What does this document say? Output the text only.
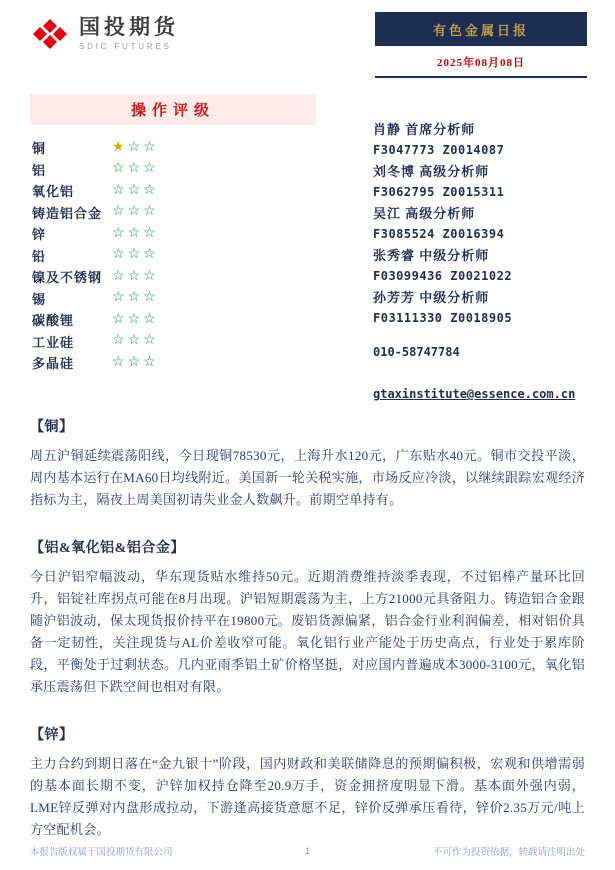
国投期货
SDIC FUTURES
有色金属日报
2025年08月08日
操作评级
铜	★☆☆
铝	☆☆☆
氧化铝	☆☆☆
铸造铝合金 ☆☆☆
锌	☆☆☆
铅	☆☆☆
镍及不锈钢 ☆☆☆
锡	☆☆☆
碳酸锂	☆☆☆
工业硅	☆☆☆
多晶硅	☆☆☆
肖静 首席分析师
F3047773 Z0014087
刘冬博 高级分析师
F3062795 Z0015311
吴江 高级分析师
F3085524 Z0016394
张秀睿 中级分析师
F03099436 Z0021022
孙芳芳 中级分析师
F03111330 Z0018905
010-58747784

gtaxinstitute@essence.com.cn
【铜】
周五沪铜延续震荡阳线，今日现铜78530元，上海升水120元，广东贴水40元。铜市交投平淡，周内基本运行在MA60日均线附近。美国新一轮关税实施，市场反应冷淡，以继续跟踪宏观经济指标为主，隔夜上周美国初请失业金人数飙升。前期空单持有。
【铝&氧化铝&铝合金】
今日沪铝窄幅波动，华东现货贴水维持50元。近期消费维持淡季表现，不过铝棒产量环比回升，铝锭社库拐点可能在8月出现。沪铝短期震荡为主，上方21000元具备阻力。铸造铝合金跟随沪铝波动，保太现货报价持平在19800元。废铝货源偏紧，铝合金行业利润偏差，相对铝价具备一定韧性，关注现货与AL价差收窄可能。氧化铝行业产能处于历史高点，行业处于累库阶段，平衡处于过剩状态。几内亚雨季铝土矿价格坚挺，对应国内普遍成本3000-3100元，氧化铝承压震荡但下跌空间也相对有限。
【锌】
主力合约到期日落在“金九银十”阶段，国内财政和美联储降息的预期偏积极，宏观和供增需弱的基本面长期不变，沪锌加权持仓降至20.9万手，资金拥挤度明显下滑。基本面外强内弱，LME锌反弹对内盘形成拉动，下游逢高接货意愿不足，锌价反弹承压看待，锌价2.35万元/吨上方空配机会。
本报告版权属于国投期货有限公司	1	不可作为投资依据，转载请注明出处
